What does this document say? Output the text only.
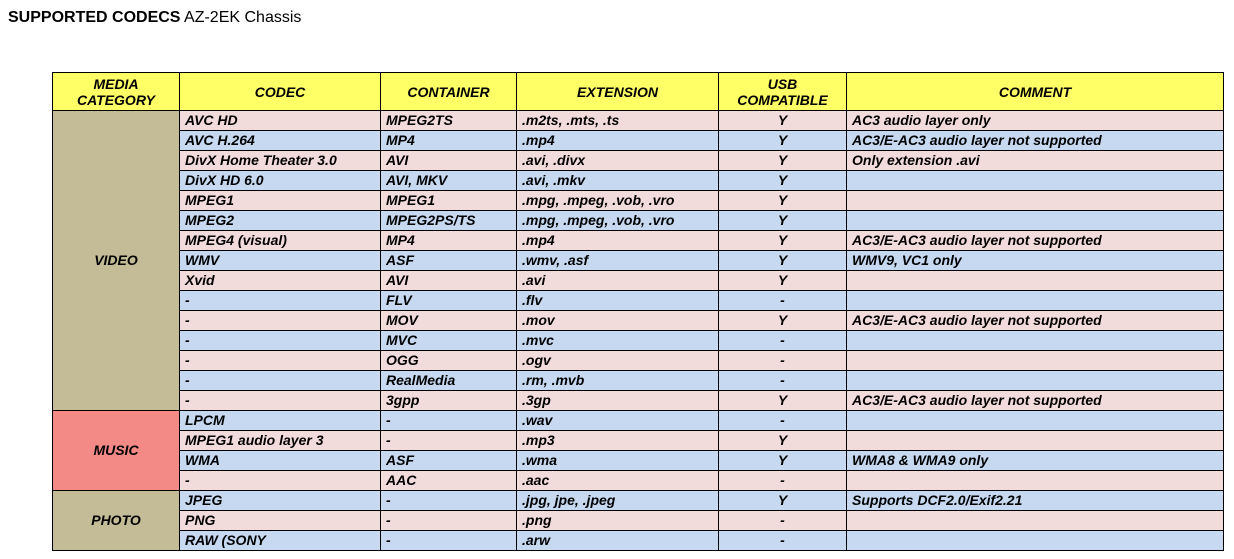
SUPPORTED CODECS AZ-2EK Chassis
MEDIA CATEGORY	CODEC	CONTAINER	EXTENSION	USB COMPATIBLE	COMMENT
VIDEO	AVC HD	MPEG2TS	.m2ts, .mts, .ts	Y	AC3 audio layer only
	AVC H.264	MP4	.mp4	Y	AC3/E-AC3 audio layer not supported
	DivX Home Theater 3.0	AVI	.avi, .divx	Y	Only extension .avi
	DivX HD 6.0	AVI, MKV	.avi, .mkv	Y	
	MPEG1	MPEG1	.mpg, .mpeg, .vob, .vro	Y	
	MPEG2	MPEG2PS/TS	.mpg, .mpeg, .vob, .vro	Y	
	MPEG4 (visual)	MP4	.mp4	Y	AC3/E-AC3 audio layer not supported
	WMV	ASF	.wmv, .asf	Y	WMV9, VC1 only
	Xvid	AVI	.avi	Y	
	-	FLV	.flv	-	
	-	MOV	.mov	Y	AC3/E-AC3 audio layer not supported
	-	MVC	.mvc	-	
	-	OGG	.ogv	-	
	-	RealMedia	.rm, .mvb	-	
	-	3gpp	.3gp	Y	AC3/E-AC3 audio layer not supported
MUSIC	LPCM	-	.wav	-	
	MPEG1 audio layer 3	-	.mp3	Y	
	WMA	ASF	.wma	Y	WMA8 & WMA9 only
	-	AAC	.aac	-	
PHOTO	JPEG	-	.jpg, jpe, .jpeg	Y	Supports DCF2.0/Exif2.21
	PNG	-	.png	-	
	RAW (SONY	-	.arw	-	
